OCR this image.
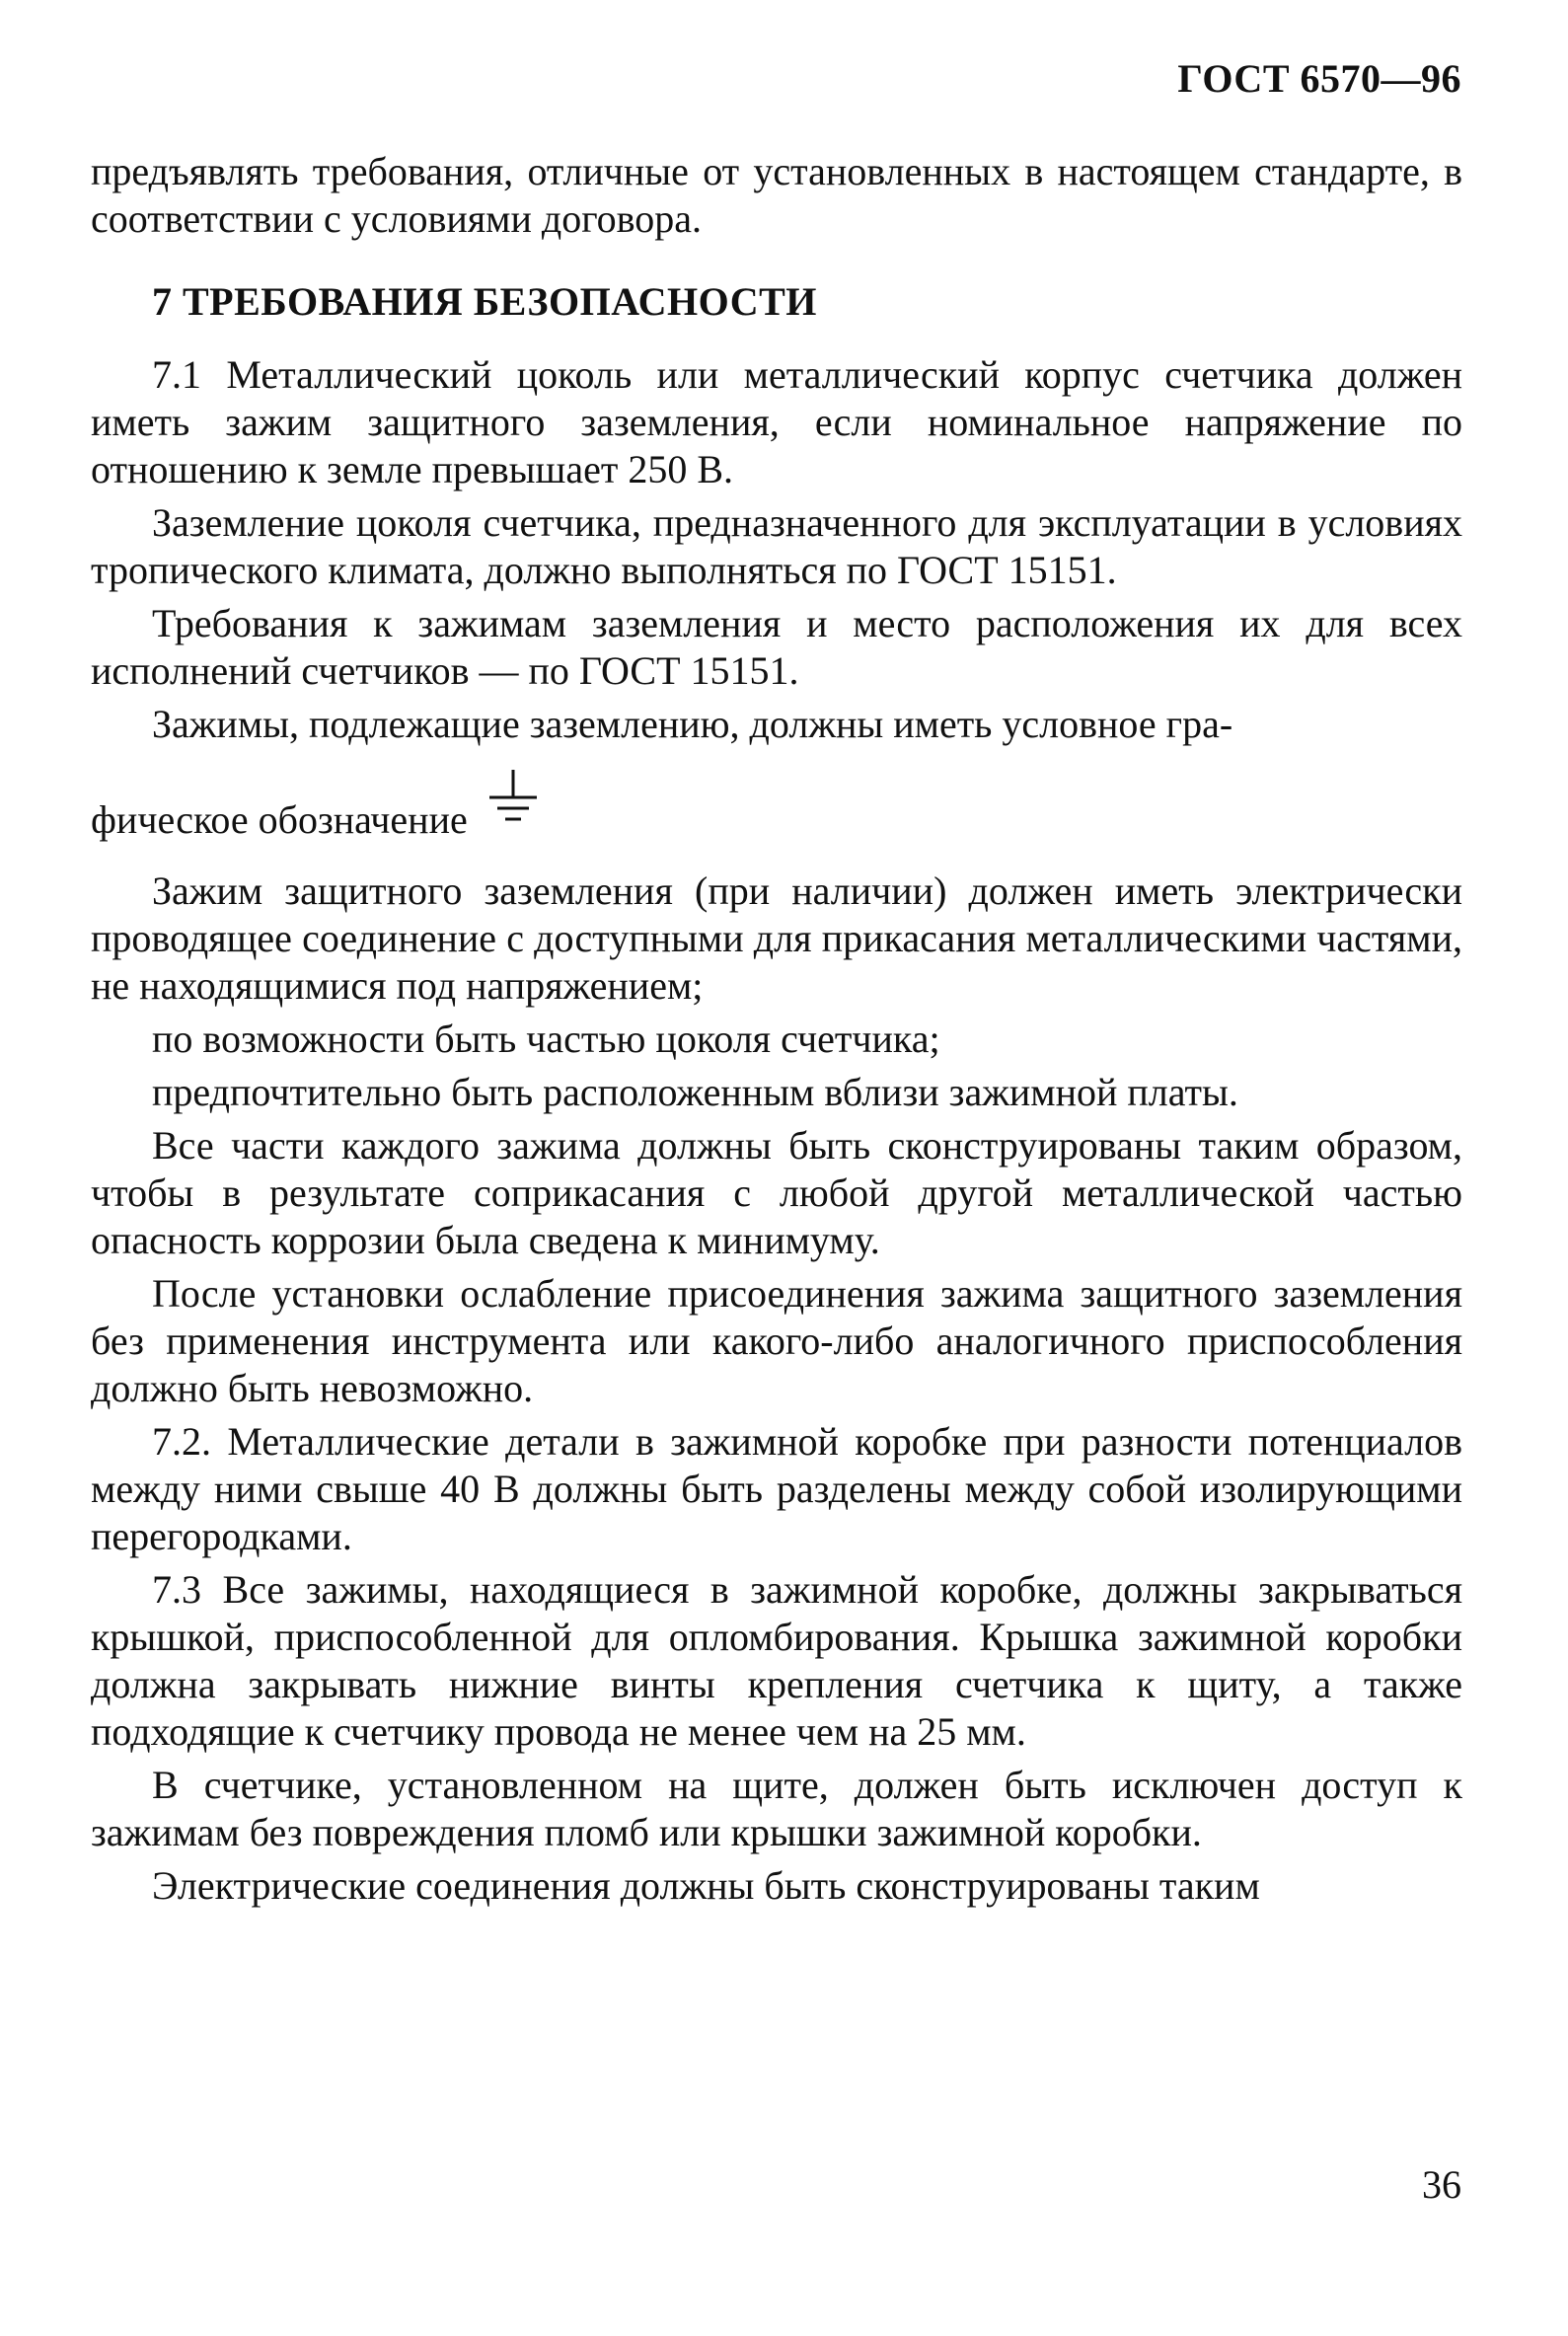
ГОСТ 6570—96

предъявлять требования, отличные от установленных в настоящем стандарте, в соответствии с условиями договора.

7 ТРЕБОВАНИЯ БЕЗОПАСНОСТИ

7.1 Металлический цоколь или металлический корпус счетчика должен иметь зажим защитного заземления, если номинальное напряжение по отношению к земле превышает 250 В.

Заземление цоколя счетчика, предназначенного для эксплуатации в условиях тропического климата, должно выполняться по ГОСТ 15151.

Требования к зажимам заземления и место расположения их для всех исполнений счетчиков — по ГОСТ 15151.

Зажимы, подлежащие заземлению, должны иметь условное гра-

фическое обозначение

Зажим защитного заземления (при наличии) должен иметь электрически проводящее соединение с доступными для прикасания металлическими частями, не находящимися под напряжением;

по возможности быть частью цоколя счетчика;

предпочтительно быть расположенным вблизи зажимной платы.

Все части каждого зажима должны быть сконструированы таким образом, чтобы в результате соприкасания с любой другой металлической частью опасность коррозии была сведена к минимуму.

После установки ослабление присоединения зажима защитного заземления без применения инструмента или какого-либо аналогичного приспособления должно быть невозможно.

7.2. Металлические детали в зажимной коробке при разности потенциалов между ними свыше 40 В должны быть разделены между собой изолирующими перегородками.

7.3 Все зажимы, находящиеся в зажимной коробке, должны закрываться крышкой, приспособленной для опломбирования. Крышка зажимной коробки должна закрывать нижние винты крепления счетчика к щиту, а также подходящие к счетчику провода не менее чем на 25 мм.

В счетчике, установленном на щите, должен быть исключен доступ к зажимам без повреждения пломб или крышки зажимной коробки.

Электрические соединения должны быть сконструированы таким

36
